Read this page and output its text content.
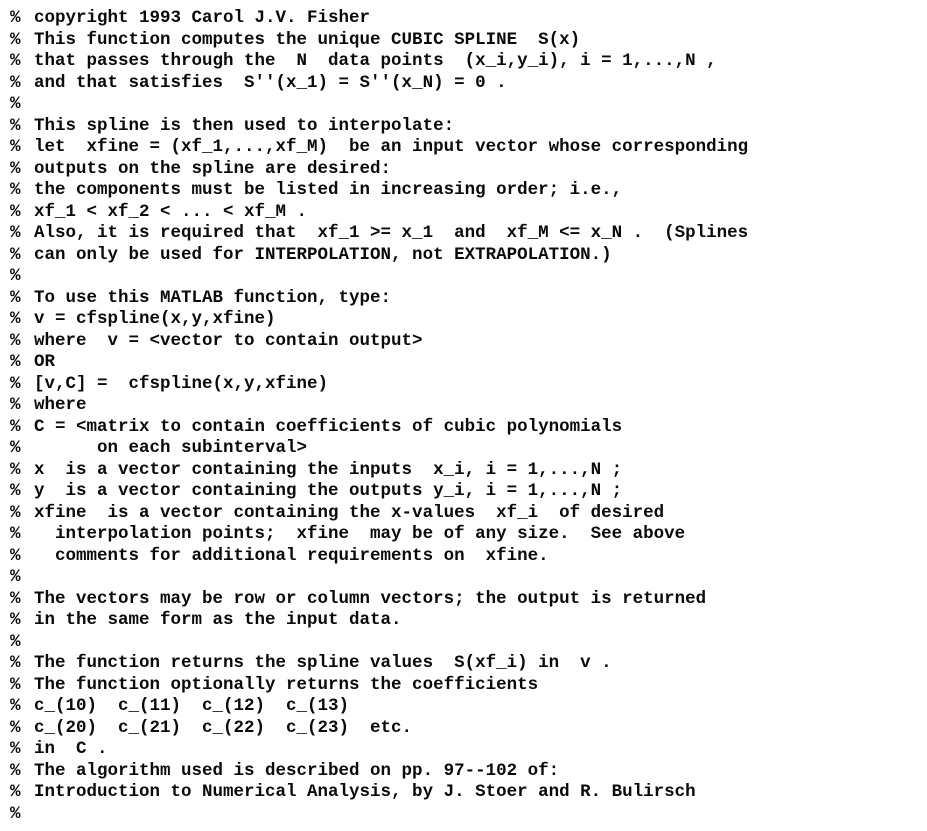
% copyright 1993 Carol J.V. Fisher
% This function computes the unique CUBIC SPLINE  S(x)
% that passes through the  N  data points  (x_i,y_i), i = 1,...,N ,
% and that satisfies  S''(x_1) = S''(x_N) = 0 .
%
% This spline is then used to interpolate:
% let  xfine = (xf_1,...,xf_M)  be an input vector whose corresponding
% outputs on the spline are desired:
% the components must be listed in increasing order; i.e.,
% xf_1 < xf_2 < ... < xf_M .
% Also, it is required that  xf_1 >= x_1  and  xf_M <= x_N .  (Splines
% can only be used for INTERPOLATION, not EXTRAPOLATION.)
%
% To use this MATLAB function, type:
% v = cfspline(x,y,xfine)
% where  v = <vector to contain output>
% OR
% [v,C] =  cfspline(x,y,xfine)
% where
% C = <matrix to contain coefficients of cubic polynomials
% on each subinterval>
% x  is a vector containing the inputs  x_i, i = 1,...,N ;
% y  is a vector containing the outputs y_i, i = 1,...,N ;
% xfine  is a vector containing the x-values  xf_i  of desired
% interpolation points;  xfine  may be of any size.  See above
% comments for additional requirements on  xfine.
%
% The vectors may be row or column vectors; the output is returned
% in the same form as the input data.
%
% The function returns the spline values  S(xf_i) in  v .
% The function optionally returns the coefficients
% c_(10)  c_(11)  c_(12)  c_(13)
% c_(20)  c_(21)  c_(22)  c_(23)  etc.
% in  C .
% The algorithm used is described on pp. 97--102 of:
% Introduction to Numerical Analysis, by J. Stoer and R. Bulirsch
%
